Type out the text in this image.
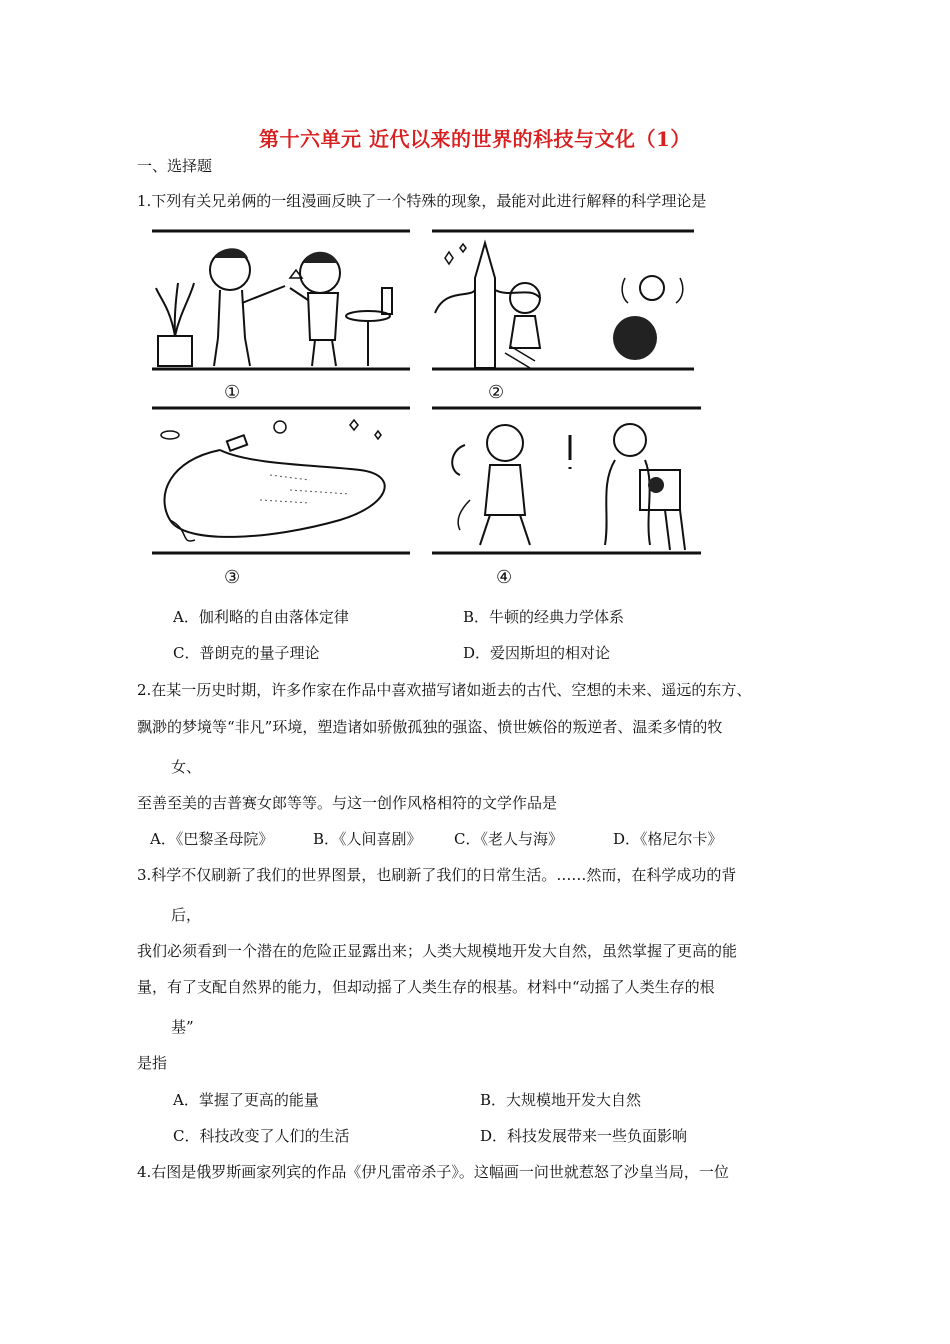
第十六单元 近代以来的世界的科技与文化（1）
一、选择题
1.下列有关兄弟俩的一组漫画反映了一个特殊的现象，最能对此进行解释的科学理论是
①	②
③	④
A．伽利略的自由落体定律	B．牛顿的经典力学体系
C．普朗克的量子理论	D．爱因斯坦的相对论
2.在某一历史时期，许多作家在作品中喜欢描写诸如逝去的古代、空想的未来、遥远的东方、
飘渺的梦境等“非凡”环境，塑造诸如骄傲孤独的强盗、愤世嫉俗的叛逆者、温柔多情的牧
女、
至善至美的吉普赛女郎等等。与这一创作风格相符的文学作品是
A．《巴黎圣母院》	B．《人间喜剧》 C．《老人与海》	D．《格尼尔卡》
3.科学不仅刷新了我们的世界图景，也刷新了我们的日常生活。……然而，在科学成功的背
后，
我们必须看到一个潜在的危险正显露出来；人类大规模地开发大自然，虽然掌握了更高的能
量，有了支配自然界的能力，但却动摇了人类生存的根基。材料中“动摇了人类生存的根
基”
是指
A．掌握了更高的能量	B．大规模地开发大自然
C．科技改变了人们的生活	D．科技发展带来一些负面影响
4.右图是俄罗斯画家列宾的作品《伊凡雷帝杀子》。这幅画一问世就惹怒了沙皇当局，一位
